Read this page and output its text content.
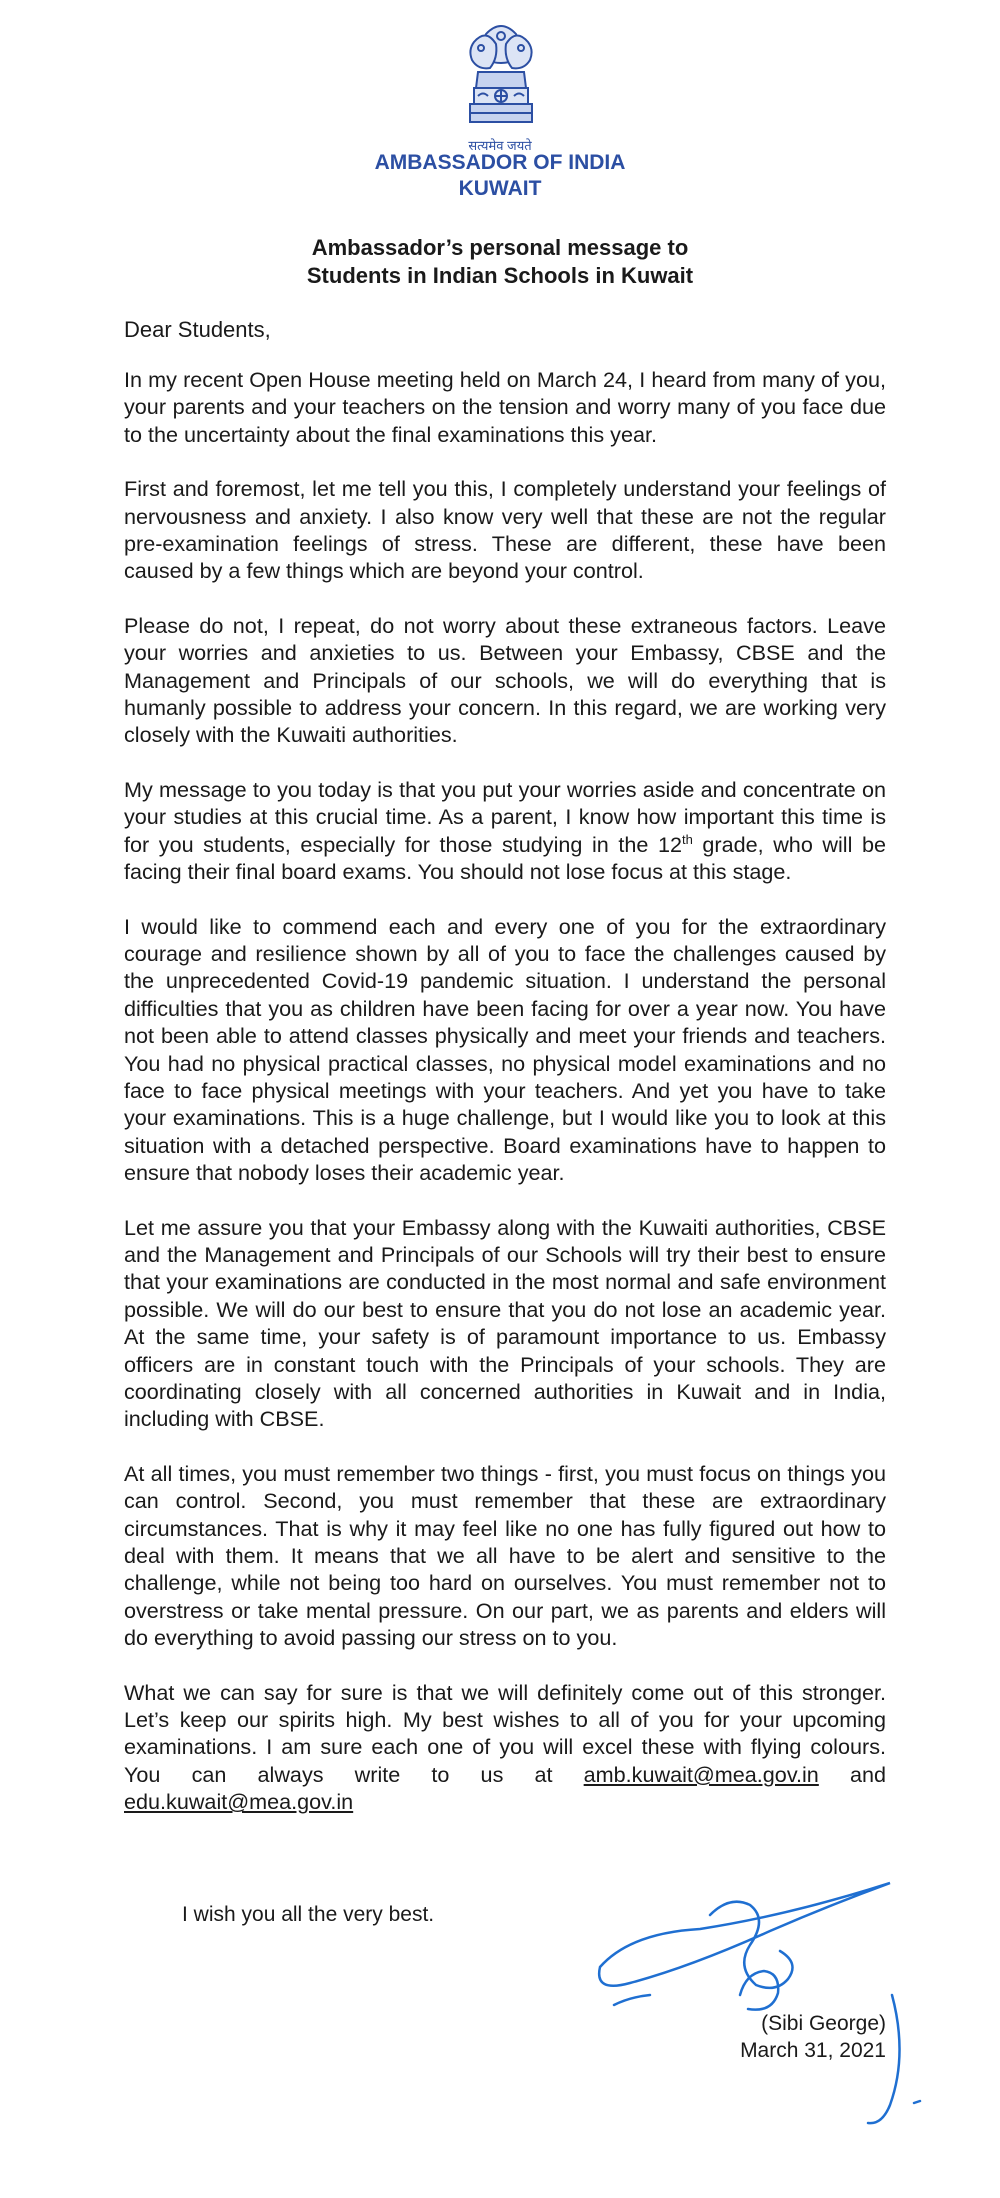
सत्यमेव जयते
AMBASSADOR OF INDIA
KUWAIT
Ambassador’s personal message to
Students in Indian Schools in Kuwait

Dear Students,

In my recent Open House meeting held on March 24, I heard from many of you, your parents and your teachers on the tension and worry many of you face due to the uncertainty about the final examinations this year.

First and foremost, let me tell you this, I completely understand your feelings of nervousness and anxiety. I also know very well that these are not the regular pre-examination feelings of stress. These are different, these have been caused by a few things which are beyond your control.

Please do not, I repeat, do not worry about these extraneous factors. Leave your worries and anxieties to us. Between your Embassy, CBSE and the Management and Principals of our schools, we will do everything that is humanly possible to address your concern. In this regard, we are working very closely with the Kuwaiti authorities.

My message to you today is that you put your worries aside and concentrate on your studies at this crucial time. As a parent, I know how important this time is for you students, especially for those studying in the 12th grade, who will be facing their final board exams. You should not lose focus at this stage.

I would like to commend each and every one of you for the extraordinary courage and resilience shown by all of you to face the challenges caused by the unprecedented Covid-19 pandemic situation. I understand the personal difficulties that you as children have been facing for over a year now. You have not been able to attend classes physically and meet your friends and teachers. You had no physical practical classes, no physical model examinations and no face to face physical meetings with your teachers. And yet you have to take your examinations. This is a huge challenge, but I would like you to look at this situation with a detached perspective. Board examinations have to happen to ensure that nobody loses their academic year.

Let me assure you that your Embassy along with the Kuwaiti authorities, CBSE and the Management and Principals of our Schools will try their best to ensure that your examinations are conducted in the most normal and safe environment possible. We will do our best to ensure that you do not lose an academic year. At the same time, your safety is of paramount importance to us. Embassy officers are in constant touch with the Principals of your schools. They are coordinating closely with all concerned authorities in Kuwait and in India, including with CBSE.

At all times, you must remember two things - first, you must focus on things you can control. Second, you must remember that these are extraordinary circumstances. That is why it may feel like no one has fully figured out how to deal with them. It means that we all have to be alert and sensitive to the challenge, while not being too hard on ourselves. You must remember not to overstress or take mental pressure. On our part, we as parents and elders will do everything to avoid passing our stress on to you.

What we can say for sure is that we will definitely come out of this stronger. Let’s keep our spirits high. My best wishes to all of you for your upcoming examinations. I am sure each one of you will excel these with flying colours. You can always write to us at amb.kuwait@mea.gov.in and edu.kuwait@mea.gov.in

I wish you all the very best.
(Sibi George)
March 31, 2021
